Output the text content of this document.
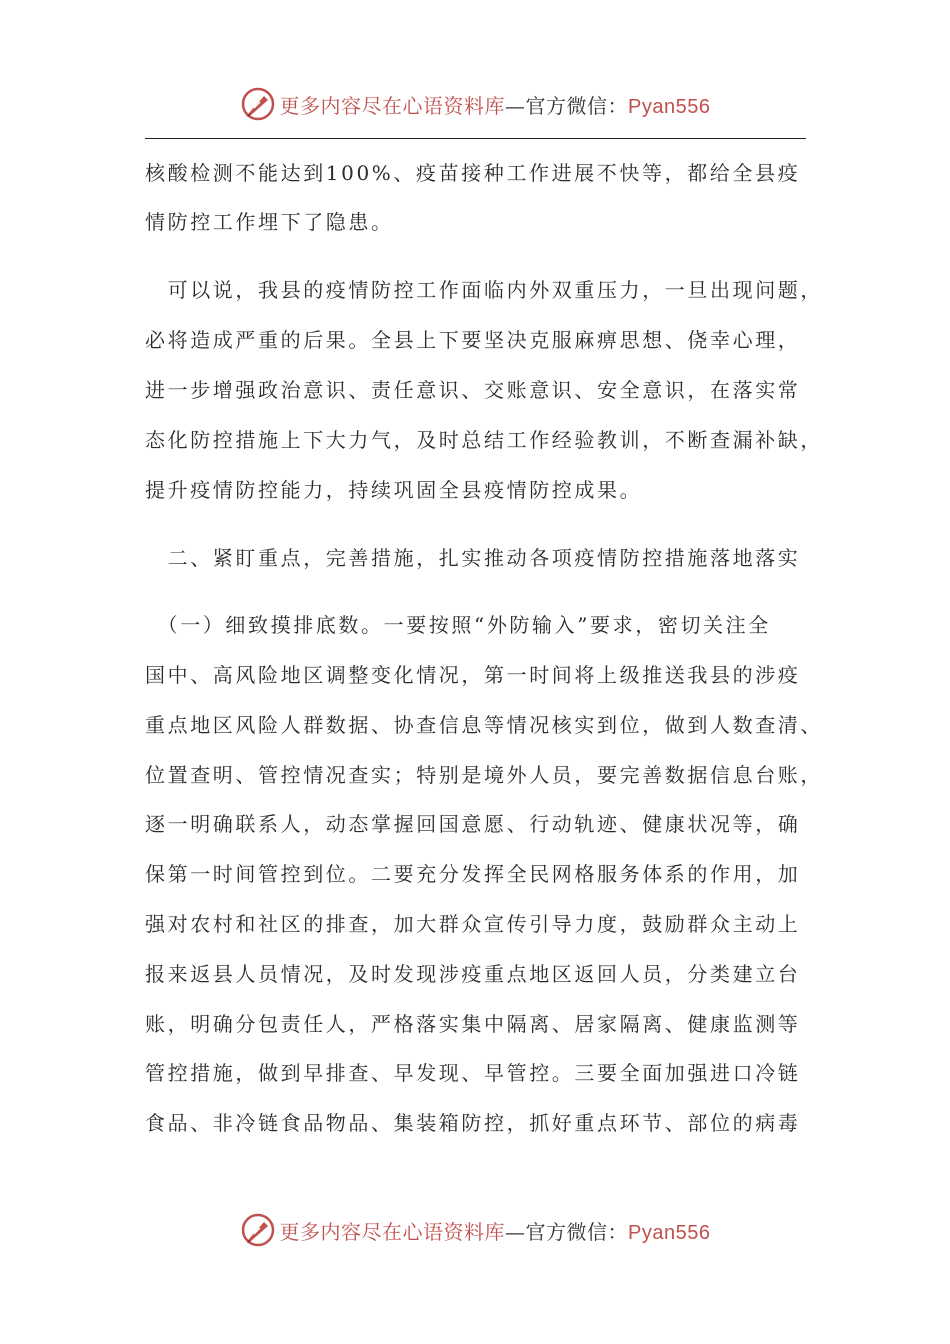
更多内容尽在心语资料库—官方微信：Pyan556
核酸检测不能达到100%、疫苗接种工作进展不快等，都给全县疫
情防控工作埋下了隐患。
　可以说，我县的疫情防控工作面临内外双重压力，一旦出现问题，
必将造成严重的后果。全县上下要坚决克服麻痹思想、侥幸心理，
进一步增强政治意识、责任意识、交账意识、安全意识，在落实常
态化防控措施上下大力气，及时总结工作经验教训，不断查漏补缺，
提升疫情防控能力，持续巩固全县疫情防控成果。
　二、紧盯重点，完善措施，扎实推动各项疫情防控措施落地落实
　（一）细致摸排底数。一要按照“外防输入”要求，密切关注全
国中、高风险地区调整变化情况，第一时间将上级推送我县的涉疫
重点地区风险人群数据、协查信息等情况核实到位，做到人数查清、
位置查明、管控情况查实；特别是境外人员，要完善数据信息台账，
逐一明确联系人，动态掌握回国意愿、行动轨迹、健康状况等，确
保第一时间管控到位。二要充分发挥全民网格服务体系的作用，加
强对农村和社区的排查，加大群众宣传引导力度，鼓励群众主动上
报来返县人员情况，及时发现涉疫重点地区返回人员，分类建立台
账，明确分包责任人，严格落实集中隔离、居家隔离、健康监测等
管控措施，做到早排查、早发现、早管控。三要全面加强进口冷链
食品、非冷链食品物品、集装箱防控，抓好重点环节、部位的病毒
更多内容尽在心语资料库—官方微信：Pyan556
